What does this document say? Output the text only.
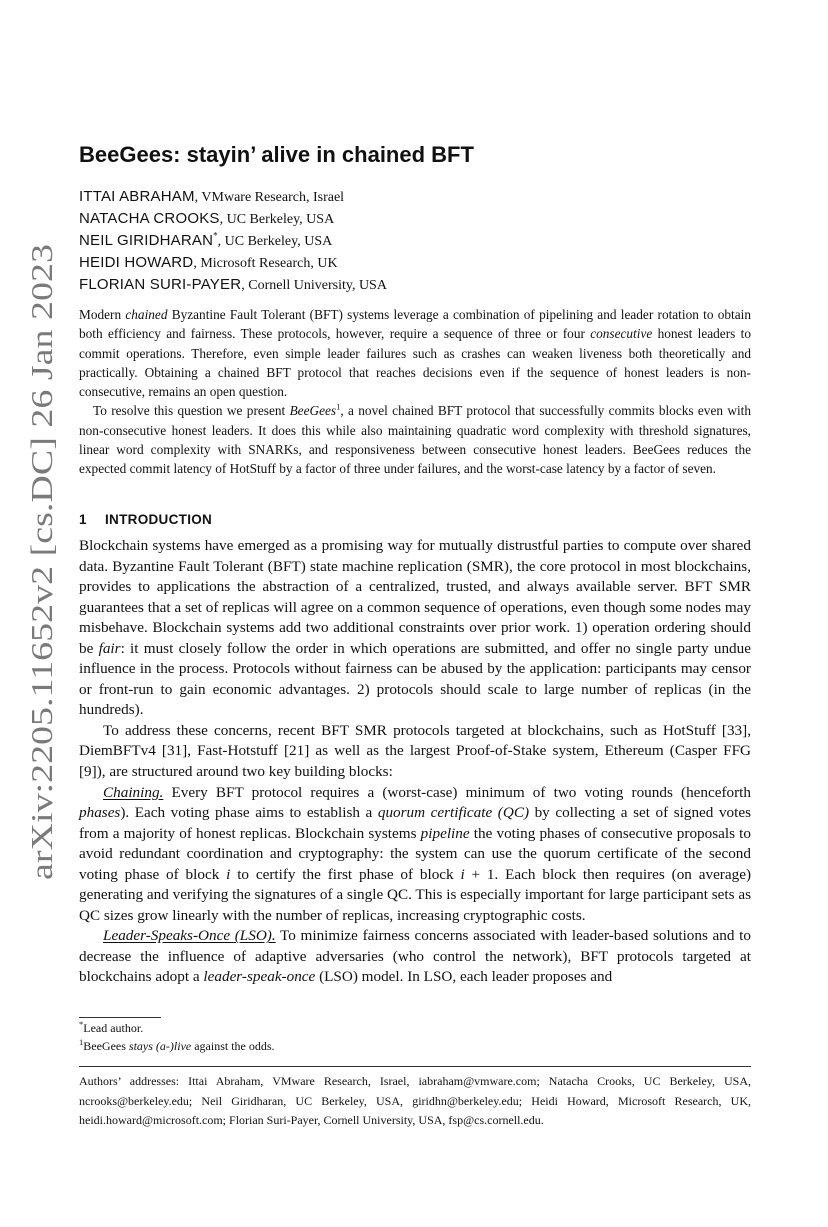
arXiv:2205.11652v2 [cs.DC] 26 Jan 2023
BeeGees: stayin’ alive in chained BFT
ITTAI ABRAHAM, VMware Research, Israel
NATACHA CROOKS, UC Berkeley, USA
NEIL GIRIDHARAN*, UC Berkeley, USA
HEIDI HOWARD, Microsoft Research, UK
FLORIAN SURI-PAYER, Cornell University, USA

Modern chained Byzantine Fault Tolerant (BFT) systems leverage a combination of pipelining and leader rotation to obtain both efficiency and fairness. These protocols, however, require a sequence of three or four consecutive honest leaders to commit operations. Therefore, even simple leader failures such as crashes can weaken liveness both theoretically and practically. Obtaining a chained BFT protocol that reaches decisions even if the sequence of honest leaders is non-consecutive, remains an open question.

To resolve this question we present BeeGees$^1$, a novel chained BFT protocol that successfully commits blocks even with non-consecutive honest leaders. It does this while also maintaining quadratic word complexity with threshold signatures, linear word complexity with SNARKs, and responsiveness between consecutive honest leaders. BeeGees reduces the expected commit latency of HotStuff by a factor of three under failures, and the worst-case latency by a factor of seven.

1 INTRODUCTION

Blockchain systems have emerged as a promising way for mutually distrustful parties to compute over shared data. Byzantine Fault Tolerant (BFT) state machine replication (SMR), the core protocol in most blockchains, provides to applications the abstraction of a centralized, trusted, and always available server. BFT SMR guarantees that a set of replicas will agree on a common sequence of operations, even though some nodes may misbehave. Blockchain systems add two additional constraints over prior work. 1) operation ordering should be fair: it must closely follow the order in which operations are submitted, and offer no single party undue influence in the process. Protocols without fairness can be abused by the application: participants may censor or front-run to gain economic advantages. 2) protocols should scale to large number of replicas (in the hundreds).

To address these concerns, recent BFT SMR protocols targeted at blockchains, such as HotStuff [33], DiemBFTv4 [31], Fast-Hotstuff [21] as well as the largest Proof-of-Stake system, Ethereum (Casper FFG [9]), are structured around two key building blocks:

Chaining. Every BFT protocol requires a (worst-case) minimum of two voting rounds (henceforth phases). Each voting phase aims to establish a quorum certificate (QC) by collecting a set of signed votes from a majority of honest replicas. Blockchain systems pipeline the voting phases of consecutive proposals to avoid redundant coordination and cryptography: the system can use the quorum certificate of the second voting phase of block i to certify the first phase of block i + 1. Each block then requires (on average) generating and verifying the signatures of a single QC. This is especially important for large participant sets as QC sizes grow linearly with the number of replicas, increasing cryptographic costs.

Leader-Speaks-Once (LSO). To minimize fairness concerns associated with leader-based solutions and to decrease the influence of adaptive adversaries (who control the network), BFT protocols targeted at blockchains adopt a leader-speak-once (LSO) model. In LSO, each leader proposes and

*Lead author.
$^1$BeeGees stays (a-)live against the odds.
Authors’ addresses: Ittai Abraham, VMware Research, Israel, iabraham@vmware.com; Natacha Crooks, UC Berkeley, USA, ncrooks@berkeley.edu; Neil Giridharan, UC Berkeley, USA, giridhn@berkeley.edu; Heidi Howard, Microsoft Research, UK, heidi.howard@microsoft.com; Florian Suri-Payer, Cornell University, USA, fsp@cs.cornell.edu.
